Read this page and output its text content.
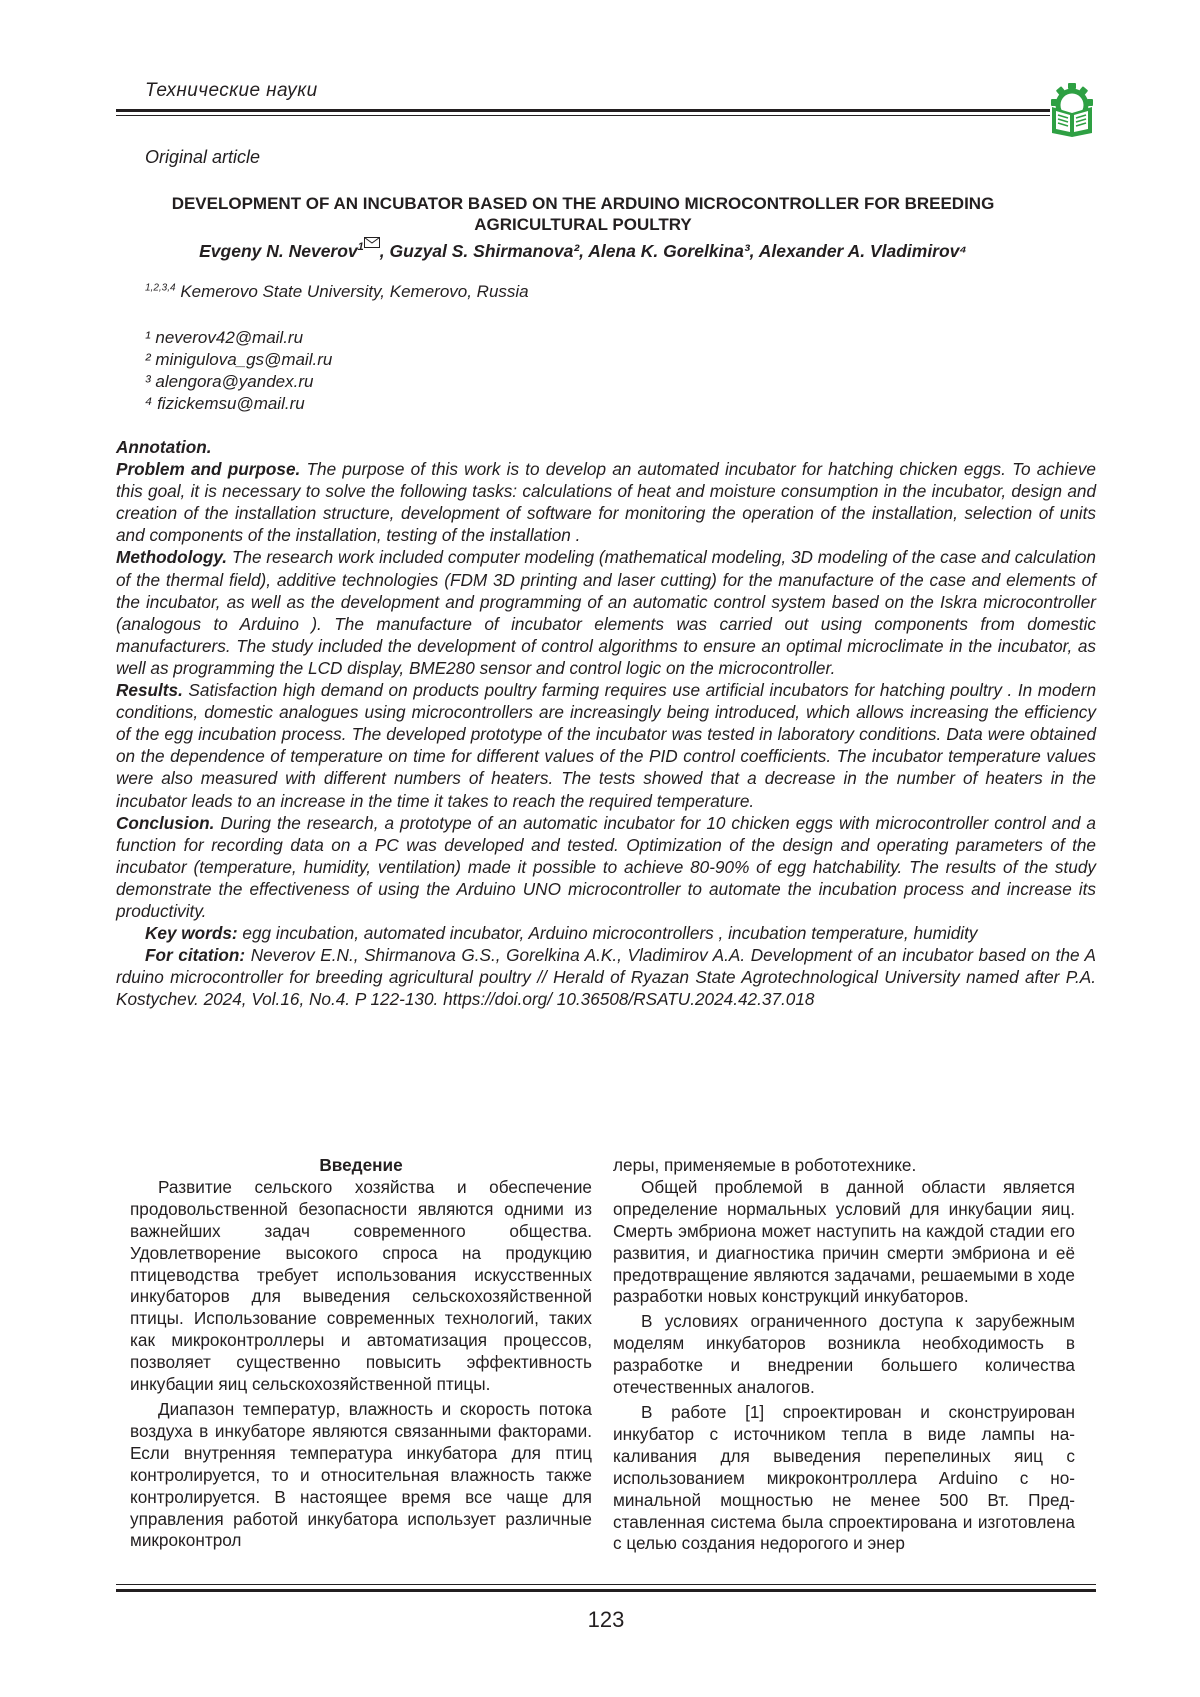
Технические науки
Original article
DEVELOPMENT OF AN INCUBATOR BASED ON THE ARDUINO MICROCONTROLLER FOR BREEDING AGRICULTURAL POULTRY
Evgeny N. Neverov$^1$ , Guzyal S. Shirmanova², Alena K. Gorelkina³, Alexander A. Vladimirov⁴
$^{1,2,3,4}$ Kemerovo State University, Kemerovo, Russia
¹ neverov42@mail.ru
² minigulova_gs@mail.ru
³ alengora@yandex.ru
⁴ fizickemsu@mail.ru

Annotation.

Problem and purpose. The purpose of this work is to develop an automated incubator for hatching chicken eggs. To achieve this goal, it is necessary to solve the following tasks: calculations of heat and moisture consumption in the incubator, design and creation of the installation structure, development of software for monitoring the operation of the installation, selection of units and components of the installation, testing of the installation .

Methodology. The research work included computer modeling (mathematical modeling, 3D modeling of the case and calculation of the thermal field), additive technologies (FDM 3D printing and laser cutting) for the manufacture of the case and elements of the incubator, as well as the development and programming of an automatic control system based on the Iskra microcontroller (analogous to Arduino ). The manufacture of incubator elements was carried out using components from domestic manufacturers. The study included the development of control algorithms to ensure an optimal microclimate in the incubator, as well as programming the LCD display, BME280 sensor and control logic on the microcontroller.

Results. Satisfaction high demand on products poultry farming requires use artificial incubators for hatching poultry . In modern conditions, domestic analogues using microcontrollers are increasingly being introduced, which allows increasing the efficiency of the egg incubation process. The developed prototype of the incubator was tested in laboratory conditions. Data were obtained on the dependence of temperature on time for different values of the PID control coefficients. The incubator temperature values were also measured with different numbers of heaters. The tests showed that a decrease in the number of heaters in the incubator leads to an increase in the time it takes to reach the required temperature.

Conclusion. During the research, a prototype of an automatic incubator for 10 chicken eggs with microcontroller control and a function for recording data on a PC was developed and tested. Optimization of the design and operating parameters of the incubator (temperature, humidity, ventilation) made it possible to achieve 80-90% of egg hatchability. The results of the study demonstrate the effectiveness of using the Arduino UNO microcontroller to automate the incubation process and increase its productivity.

Key words: egg incubation, automated incubator, Arduino microcontrollers , incubation temperature, humidity

For citation: Neverov E.N., Shirmanova G.S., Gorelkina A.K., Vladimirov A.A. Development of an incubator based on the A rduino microcontroller for breeding agricultural poultry // Herald of Ryazan State Agrotechnological University named after P.A. Kostychev. 2024, Vol.16, No.4. P 122-130. https://doi.org/ 10.36508/RSATU.2024.42.37.018

Введение

Развитие сельского хозяйства и обеспечение продовольственной безопасности являются одними из важнейших задач современного общества. Удовлетворение высокого спроса на продукцию птицеводства требует использования искусственных инкубаторов для выведения сельскохозяйственной птицы. Использование современных технологий, таких как микроконтроллеры и автоматизация процессов, позволяет существенно повысить эффективность инкубации яиц сельскохозяйственной птицы.

Диапазон температур, влажность и скорость потока воздуха в инкубаторе являются связанными факторами. Если внутренняя температура инкубатора для птиц контролируется, то и относительная влажность также контролируется. В настоящее время все чаще для управления работой инкубатора использует различные микроконтрол

леры, применяемые в робототехнике.

Общей проблемой в данной области является определение нормальных условий для инкубации яиц. Смерть эмбриона может наступить на каждой стадии его развития, и диагностика причин смерти эмбриона и её предотвращение являются задачами, решаемыми в ходе разработки новых конструкций инкубаторов.

В условиях ограниченного доступа к зарубежным моделям инкубаторов возникла необходимость в разработке и внедрении большего количества отечественных аналогов.

В работе [1] спроектирован и сконструирован инкубатор с источником тепла в виде лампы накаливания для выведения перепелиных яиц с использованием микроконтроллера Arduino с номинальной мощностью не менее 500 Вт. Представленная система была спроектирована и изготовлена с целью создания недорогого и энер

123
